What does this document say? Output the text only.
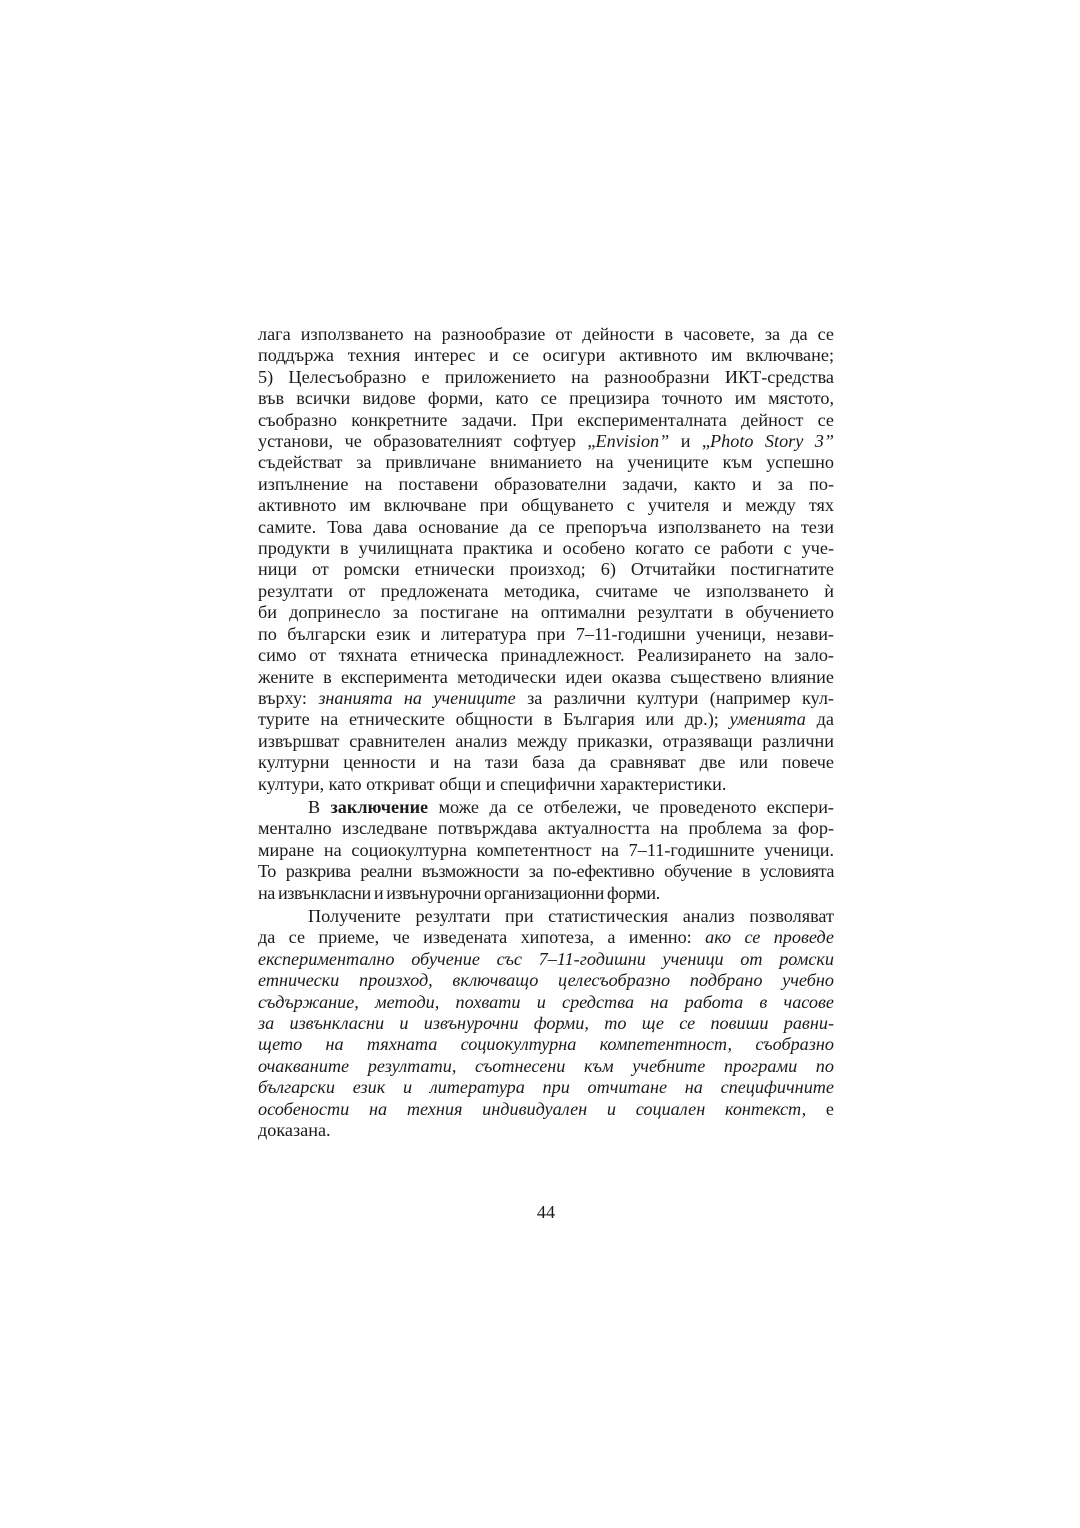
лага използването на разнообразие от дейности в часовете, за да се
поддържа техния интерес и се осигури активното им включване;
5) Целесъобразно е приложението на разнообразни ИКТ-средства
във всички видове форми, като се прецизира точното им мястото,
съобразно конкретните задачи. При експерименталната дейност се
установи, че образователният софтуер „Envision” и „Photo Story 3”
съдействат за привличане вниманието на учениците към успешно
изпълнение на поставени образователни задачи, както и за по-
активното им включване при общуването с учителя и между тях
самите. Това дава основание да се препоръча използването на тези
продукти в училищната практика и особено когато се работи с уче-
ници от ромски етнически произход; 6) Отчитайки постигнатите
резултати от предложената методика, считаме че използването ѝ
би допринесло за постигане на оптимални резултати в обучението
по български език и литература при 7–11-годишни ученици, незави-
симо от тяхната етническа принадлежност. Реализирането на зало-
жените в експеримента методически идеи оказва съществено влияние
върху: знанията на учениците за различни култури (например кул-
турите на етническите общности в България или др.); уменията да
извършват сравнителен анализ между приказки, отразяващи различни
културни ценности и на тази база да сравняват две или повече
култури, като откриват общи и специфични характеристики.
В заключение може да се отбележи, че проведеното експери-
ментално изследване потвърждава актуалността на проблема за фор-
миране на социокултурна компетентност на 7–11-годишните ученици.
То разкрива реални възможности за по-ефективно обучение в условията
на извънкласни и извънурочни организационни форми.
Получените резултати при статистическия анализ позволяват
да се приеме, че изведената хипотеза, а именно: ако се проведе
експериментално обучение със 7–11-годишни ученици от ромски
етнически произход, включващо целесъобразно подбрано учебно
съдържание, методи, похвати и средства на работа в часове
за извънкласни и извънурочни форми, то ще се повиши равни-
щето на тяхната социокултурна компетентност, съобразно
очакваните резултати, съотнесени към учебните програми по
български език и литература при отчитане на специфичните
особености на техния индивидуален и социален контекст, е
доказана.
44
